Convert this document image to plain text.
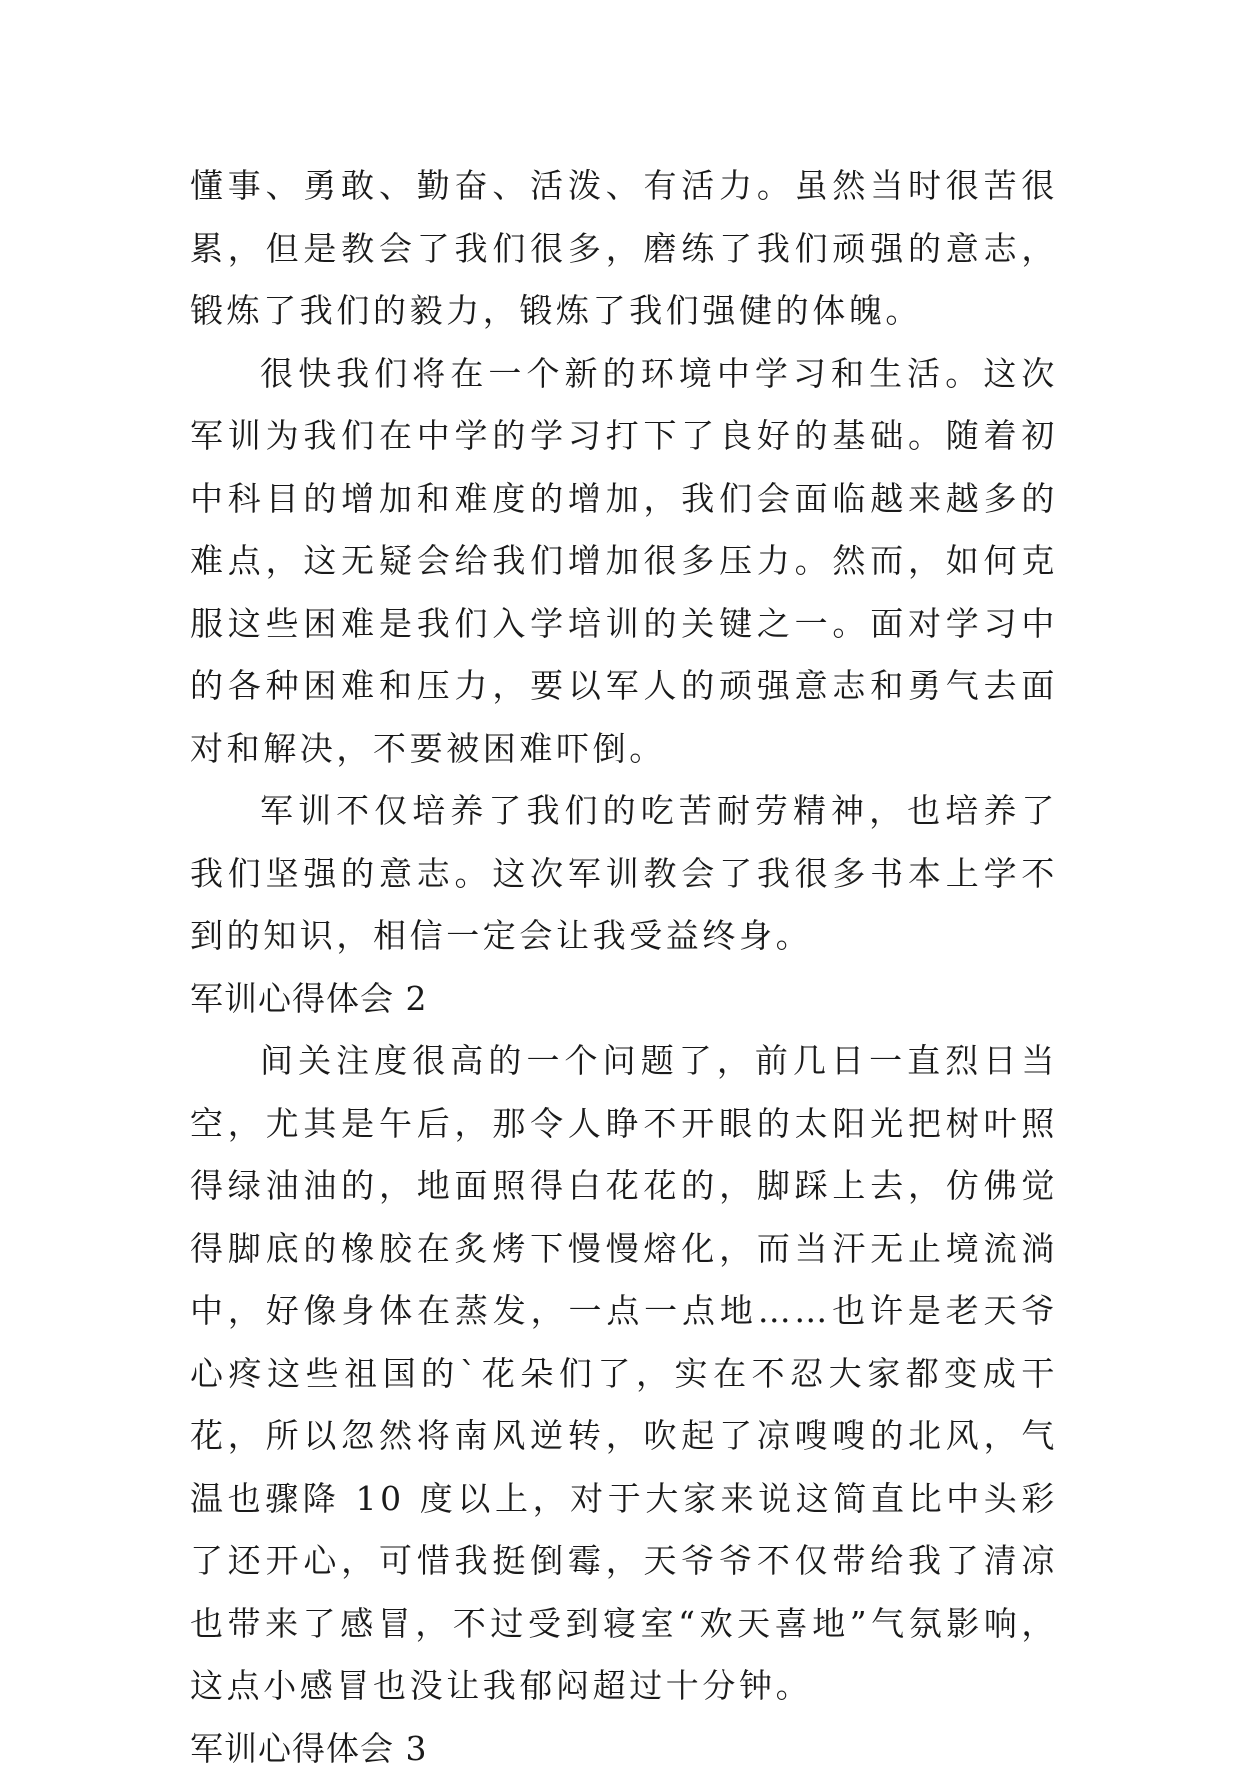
懂事、勇敢、勤奋、活泼、有活力。虽然当时很苦很累，但是教会了我们很多，磨练了我们顽强的意志，锻炼了我们的毅力，锻炼了我们强健的体魄。

很快我们将在一个新的环境中学习和生活。这次军训为我们在中学的学习打下了良好的基础。随着初中科目的增加和难度的增加，我们会面临越来越多的难点，这无疑会给我们增加很多压力。然而，如何克服这些困难是我们入学培训的关键之一。面对学习中的各种困难和压力，要以军人的顽强意志和勇气去面对和解决，不要被困难吓倒。

军训不仅培养了我们的吃苦耐劳精神，也培养了我们坚强的意志。这次军训教会了我很多书本上学不到的知识，相信一定会让我受益终身。

军训心得体会 2

间关注度很高的一个问题了，前几日一直烈日当空，尤其是午后，那令人睁不开眼的太阳光把树叶照得绿油油的，地面照得白花花的，脚踩上去，仿佛觉得脚底的橡胶在炙烤下慢慢熔化，而当汗无止境流淌中，好像身体在蒸发，一点一点地……也许是老天爷心疼这些祖国的`花朵们了，实在不忍大家都变成干花，所以忽然将南风逆转，吹起了凉嗖嗖的北风，气温也骤降 10 度以上，对于大家来说这简直比中头彩了还开心，可惜我挺倒霉，天爷爷不仅带给我了清凉也带来了感冒，不过受到寝室“欢天喜地”气氛影响，这点小感冒也没让我郁闷超过十分钟。

军训心得体会 3
